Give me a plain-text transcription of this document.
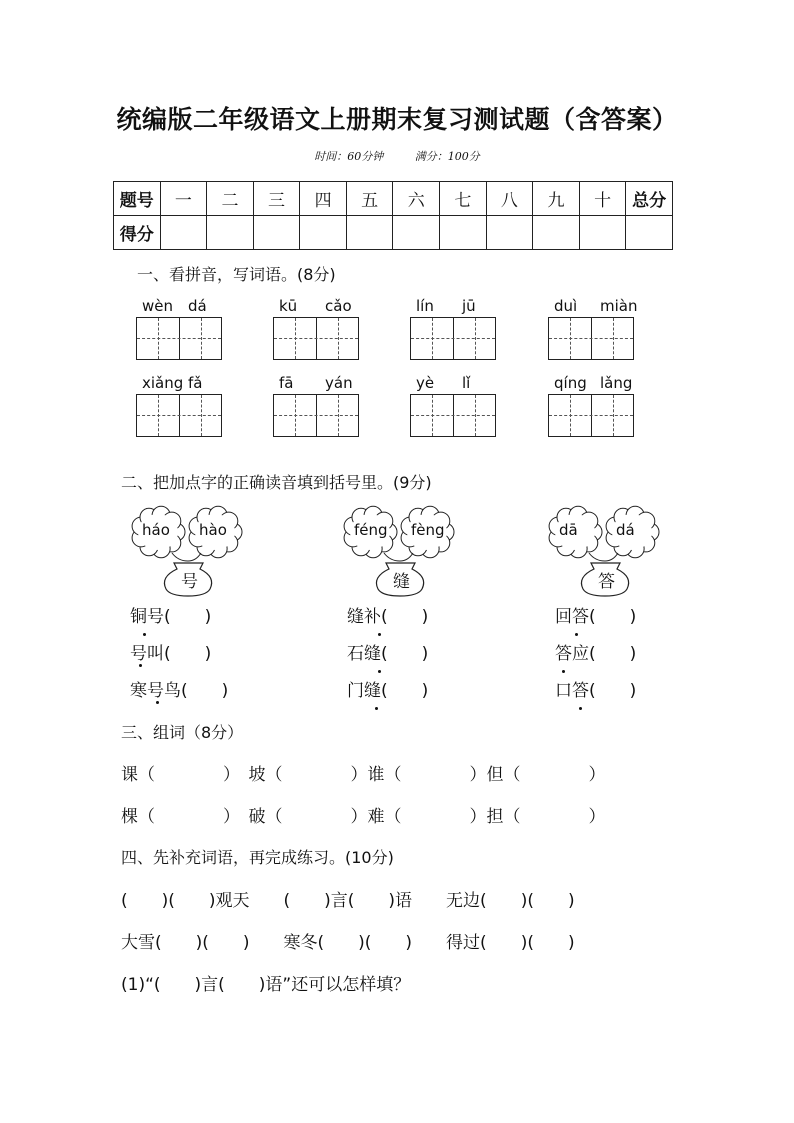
统编版二年级语文上册期末复习测试题（含答案）
时间：60分钟	满分：100分
题号	一	二	三	四	五	六	七	八	九	十	总分
得分											
一、看拼音，写词语。(8分)
wèn dá	kū cǎo	lín jū	duì miàn
xiǎng fǎ	fā yán	yè lǐ	qíng lǎng
二、把加点字的正确读音填到括号里。(9分)
háo hào
号
铜号(　　)
号叫(　　)
寒号鸟(　　)
féng fèng
缝
缝补(　　)
石缝(　　)
门缝(　　)
dā	dá
答
回答(　　)
答应(　　)
口答(　　)
三、组词（8分）
课（　　　　）　坡（　　　　）谁（　　　　）但（　　　　）
棵（　　　　）　破（　　　　）难（　　　　）担（　　　　）
四、先补充词语，再完成练习。(10分)
(　　)(　　)观天　　(　　)言(　　)语　　无边(　　)(　　)
大雪(　　)(　　)　　寒冬(　　)(　　)　　得过(　　)(　　)
(1)“(　　)言(　　)语”还可以怎样填？
